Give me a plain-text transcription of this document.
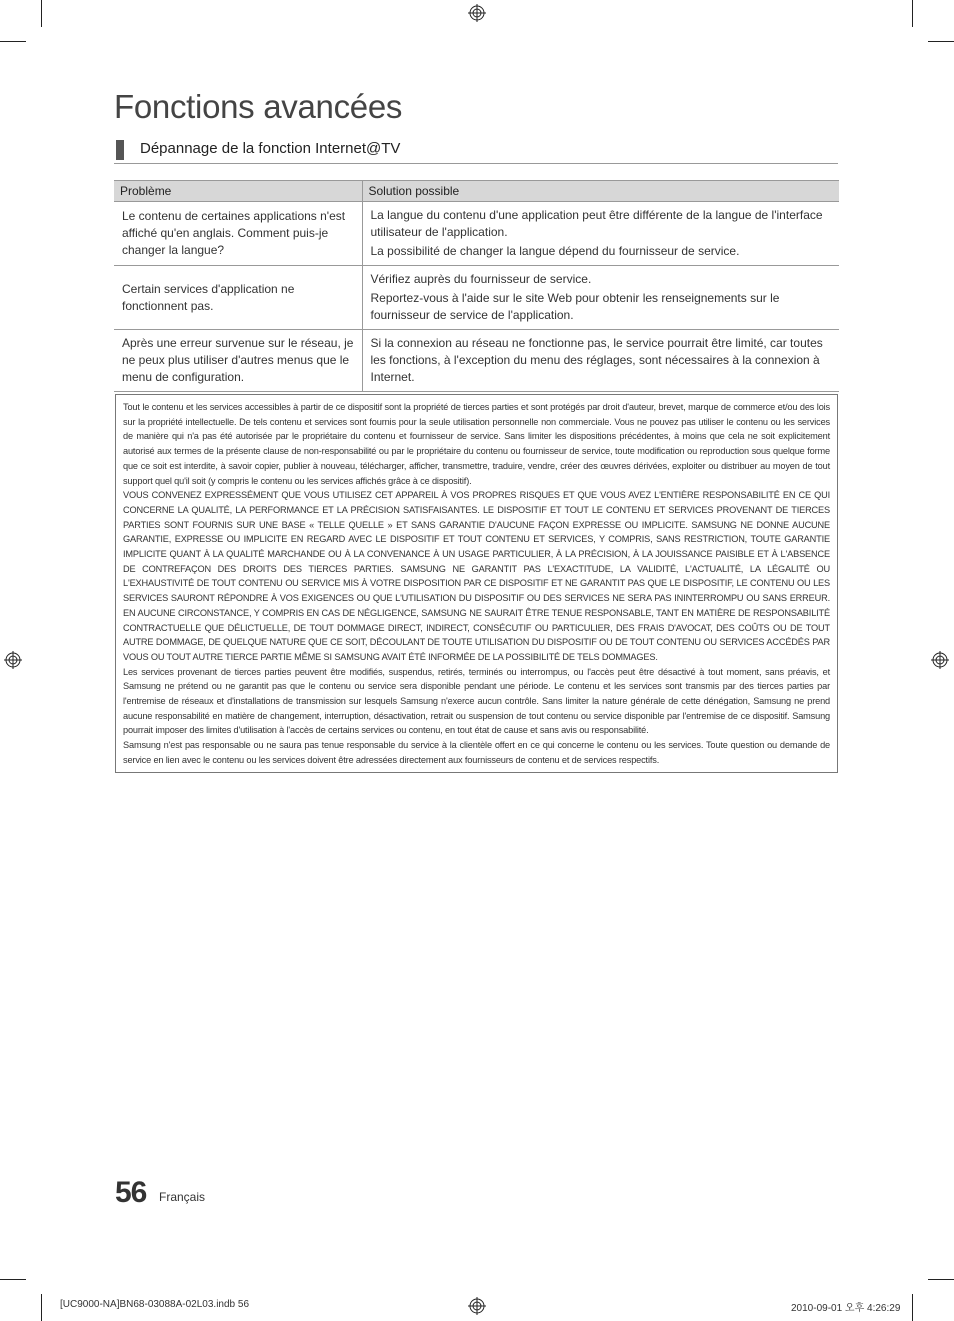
Fonctions avancées
Dépannage de la fonction Internet@TV
Problème	Solution possible

Le contenu de certaines applications n'est affiché qu'en anglais. Comment puis-je changer la langue?	La langue du contenu d'une application peut être différente de la langue de l'interface utilisateur de l'application.

La possibilité de changer la langue dépend du fournisseur de service.

Certain services d'application ne fonctionnent pas.	Vérifiez auprès du fournisseur de service.

Reportez-vous à l'aide sur le site Web pour obtenir les renseignements sur le fournisseur de service de l'application.

Après une erreur survenue sur le réseau, je ne peux plus utiliser d'autres menus que le menu de configuration.	Si la connexion au réseau ne fonctionne pas, le service pourrait être limité, car toutes les fonctions, à l'exception du menu des réglages, sont nécessaires à la connexion à Internet.

Tout le contenu et les services accessibles à partir de ce dispositif sont la propriété de tierces parties et sont protégés par droit d'auteur, brevet, marque de commerce et/ou des lois sur la propriété intellectuelle. De tels contenu et services sont fournis pour la seule utilisation personnelle non commerciale. Vous ne pouvez pas utiliser le contenu ou les services de manière qui n'a pas été autorisée par le propriétaire du contenu et fournisseur de service. Sans limiter les dispositions précédentes, à moins que cela ne soit explicitement autorisé aux termes de la présente clause de non-responsabilité ou par le propriétaire du contenu ou fournisseur de service, toute modification ou reproduction sous quelque forme que ce soit est interdite, à savoir copier, publier à nouveau, télécharger, afficher, transmettre, traduire, vendre, créer des œuvres dérivées, exploiter ou distribuer au moyen de tout support quel qu'il soit (y compris le contenu ou les services affichés grâce à ce dispositif).

VOUS CONVENEZ EXPRESSÉMENT QUE VOUS UTILISEZ CET APPAREIL À VOS PROPRES RISQUES ET QUE VOUS AVEZ L'ENTIÈRE RESPONSABILITÉ EN CE QUI CONCERNE LA QUALITÉ, LA PERFORMANCE ET LA PRÉCISION SATISFAISANTES. LE DISPOSITIF ET TOUT LE CONTENU ET SERVICES PROVENANT DE TIERCES PARTIES SONT FOURNIS SUR UNE BASE « TELLE QUELLE » ET SANS GARANTIE D'AUCUNE FAÇON EXPRESSE OU IMPLICITE. SAMSUNG NE DONNE AUCUNE GARANTIE, EXPRESSE OU IMPLICITE EN REGARD AVEC LE DISPOSITIF ET TOUT CONTENU ET SERVICES, Y COMPRIS, SANS RESTRICTION, TOUTE GARANTIE IMPLICITE QUANT À LA QUALITÉ MARCHANDE OU À LA CONVENANCE À UN USAGE PARTICULIER, À LA PRÉCISION, À LA JOUISSANCE PAISIBLE ET À L'ABSENCE DE CONTREFAÇON DES DROITS DES TIERCES PARTIES. SAMSUNG NE GARANTIT PAS L'EXACTITUDE, LA VALIDITÉ, L'ACTUALITÉ, LA LÉGALITÉ OU L'EXHAUSTIVITÉ DE TOUT CONTENU OU SERVICE MIS À VOTRE DISPOSITION PAR CE DISPOSITIF ET NE GARANTIT PAS QUE LE DISPOSITIF, LE CONTENU OU LES SERVICES SAURONT RÉPONDRE À VOS EXIGENCES OU QUE L'UTILISATION DU DISPOSITIF OU DES SERVICES NE SERA PAS ININTERROMPU OU SANS ERREUR. EN AUCUNE CIRCONSTANCE, Y COMPRIS EN CAS DE NÉGLIGENCE, SAMSUNG NE SAURAIT ÊTRE TENUE RESPONSABLE, TANT EN MATIÈRE DE RESPONSABILITÉ CONTRACTUELLE QUE DÉLICTUELLE, DE TOUT DOMMAGE DIRECT, INDIRECT, CONSÉCUTIF OU PARTICULIER, DES FRAIS D'AVOCAT, DES COÛTS OU DE TOUT AUTRE DOMMAGE, DE QUELQUE NATURE QUE CE SOIT, DÉCOULANT DE TOUTE UTILISATION DU DISPOSITIF OU DE TOUT CONTENU OU SERVICES ACCÉDÉS PAR VOUS OU TOUT AUTRE TIERCE PARTIE MÊME SI SAMSUNG AVAIT ÉTÉ INFORMÉE DE LA POSSIBILITÉ DE TELS DOMMAGES.

Les services provenant de tierces parties peuvent être modifiés, suspendus, retirés, terminés ou interrompus, ou l'accès peut être désactivé à tout moment, sans préavis, et Samsung ne prétend ou ne garantit pas que le contenu ou service sera disponible pendant une période. Le contenu et les services sont transmis par des tierces parties par l'entremise de réseaux et d'installations de transmission sur lesquels Samsung n'exerce aucun contrôle. Sans limiter la nature générale de cette dénégation, Samsung ne prend aucune responsabilité en matière de changement, interruption, désactivation, retrait ou suspension de tout contenu ou service disponible par l'entremise de ce dispositif. Samsung pourrait imposer des limites d'utilisation à l'accès de certains services ou contenu, en tout état de cause et sans avis ou responsabilité.

Samsung n'est pas responsable ou ne saura pas tenue responsable du service à la clientèle offert en ce qui concerne le contenu ou les services. Toute question ou demande de service en lien avec le contenu ou les services doivent être adressées directement aux fournisseurs de contenu et de services respectifs.

56 Français
[UC9000-NA]BN68-03088A-02L03.indb 56	2010-09-01 오후 4:26:29
